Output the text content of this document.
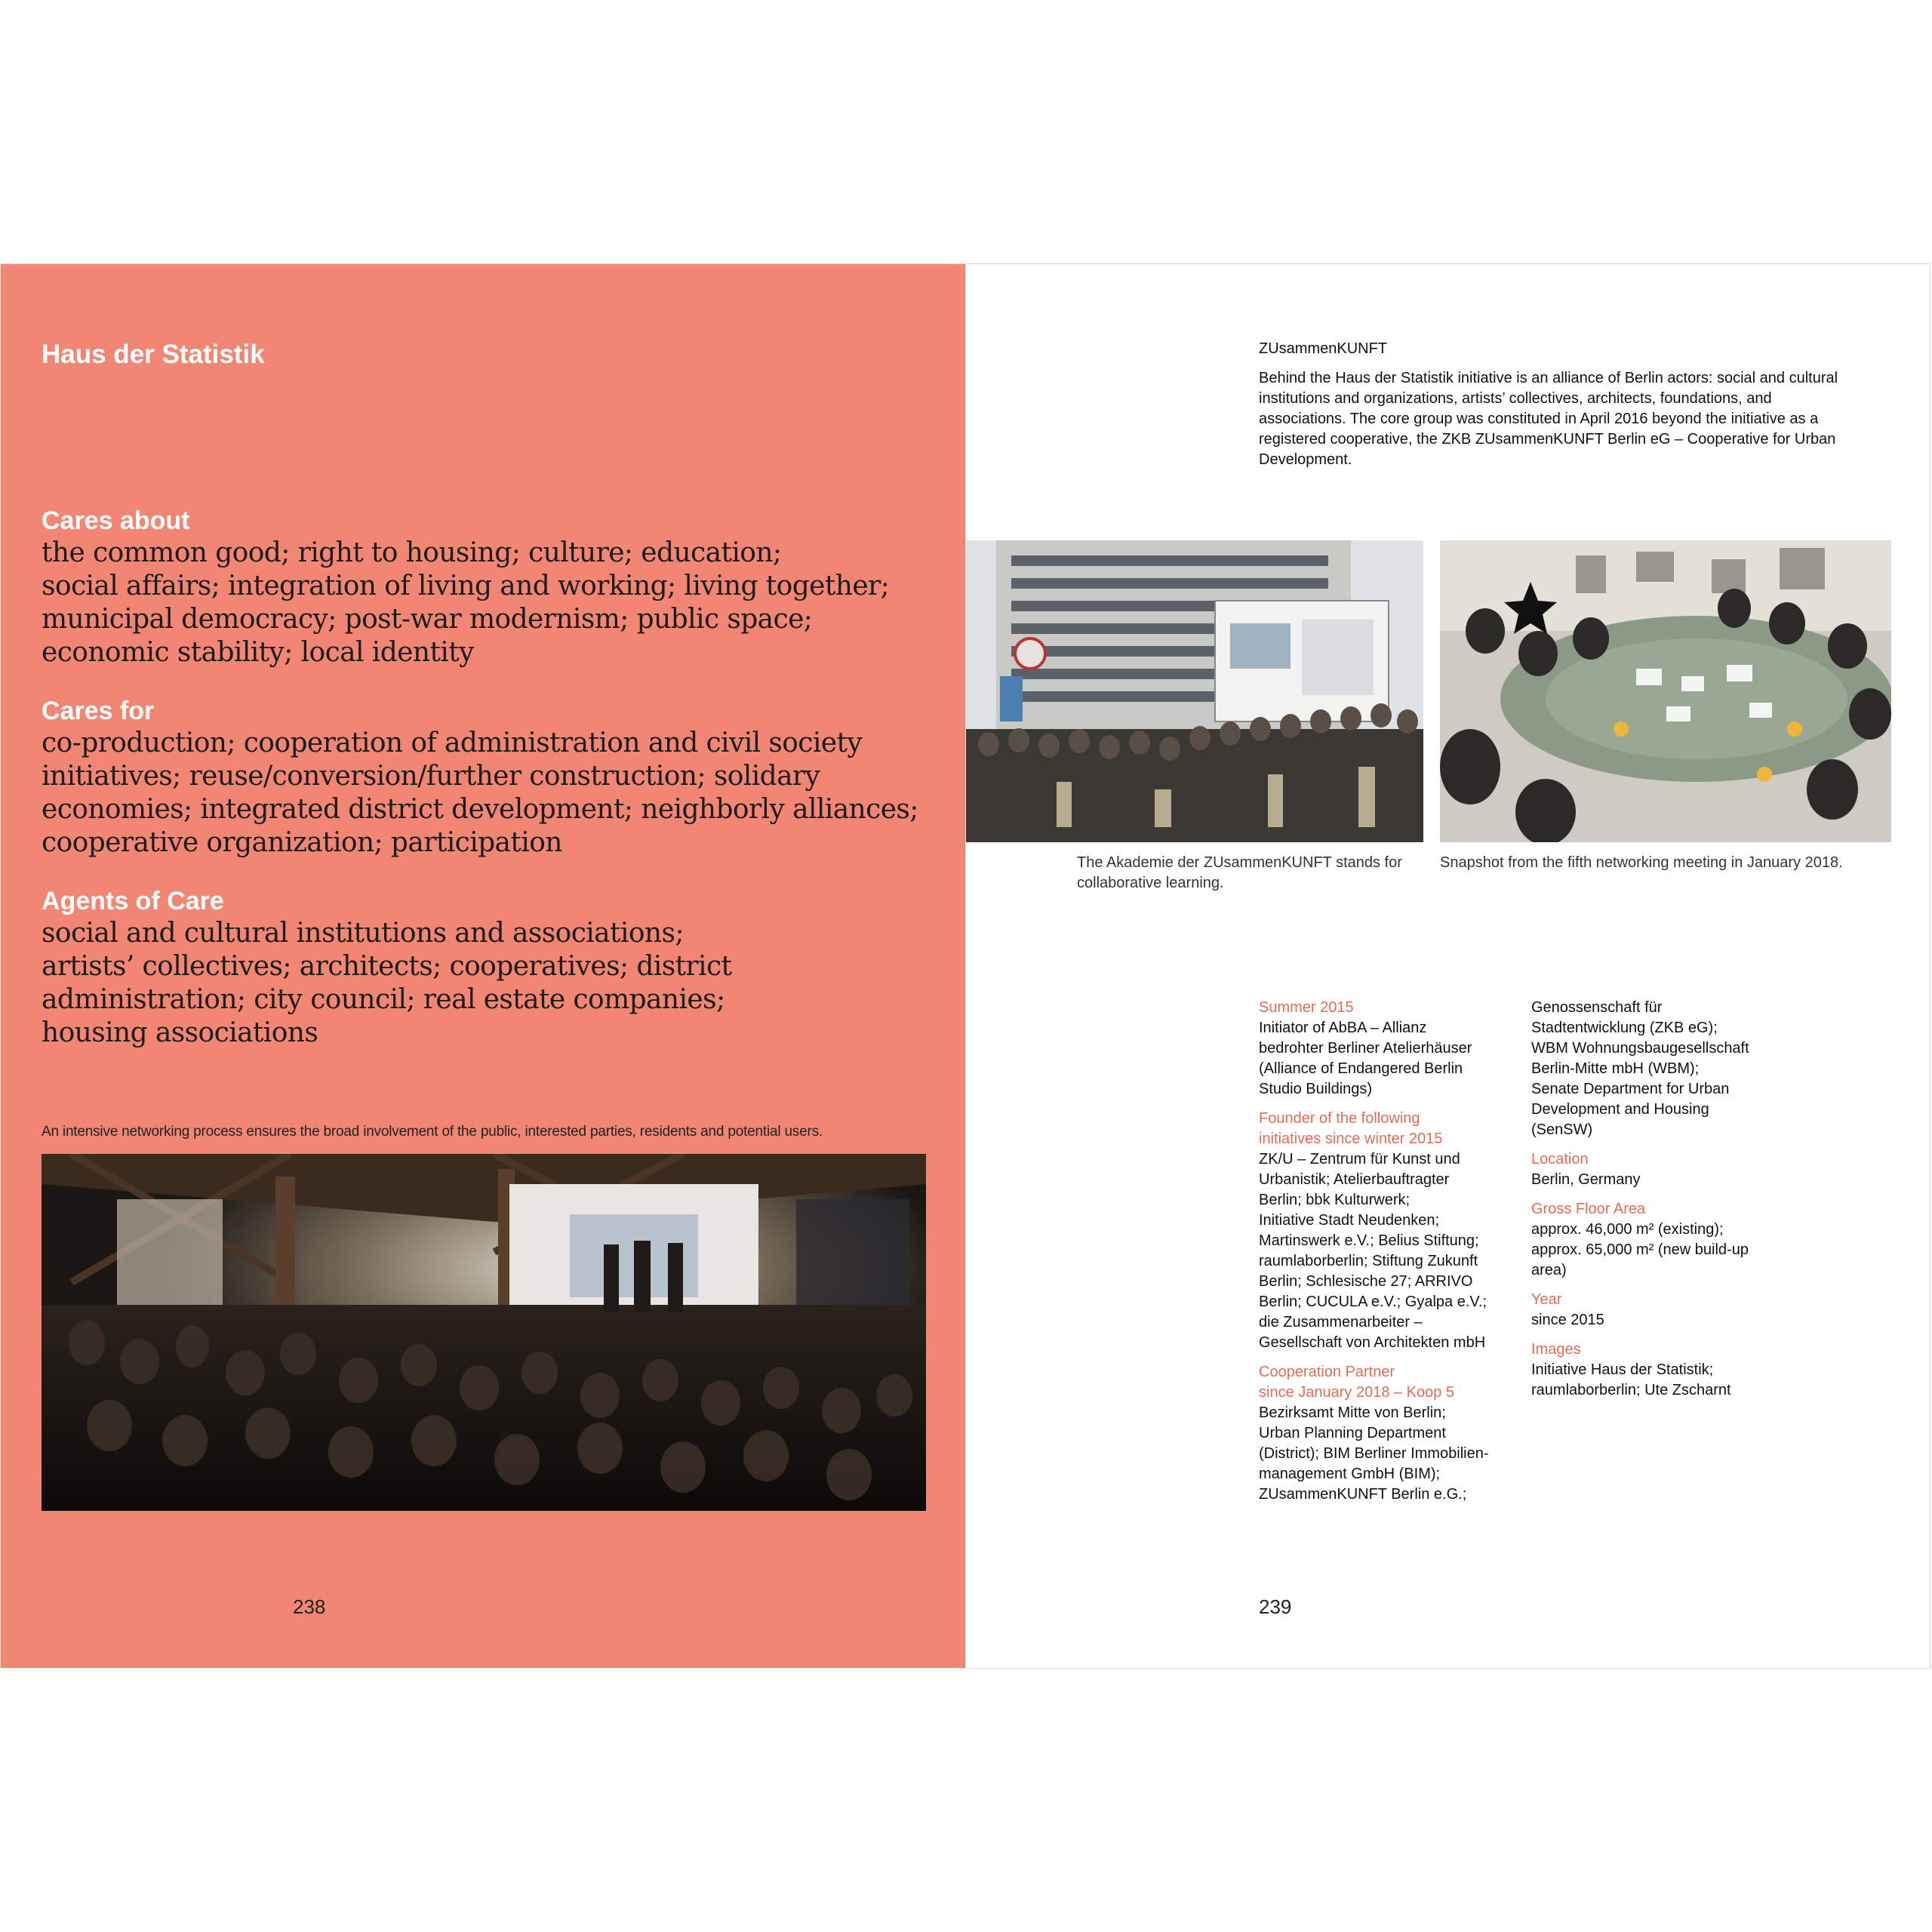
Haus der Statistik

Cares about

the common good; right to housing; culture; education;
social affairs; integration of living and working; living together;
municipal democracy; post-war modernism; public space;
economic stability; local identity

Cares for

co-production; cooperation of administration and civil society
initiatives; reuse/conversion/further construction; solidary
economies; integrated district development; neighborly alliances;
cooperative organization; participation

Agents of Care

social and cultural institutions and associations;
artists’ collectives; architects; cooperatives; district
administration; city council; real estate companies;
housing associations

An intensive networking process ensures the broad involvement of the public, interested parties, residents and potential users.
238
ZUsammenKUNFT

Behind the Haus der Statistik initiative is an alliance of Berlin actors: social and cultural
institutions and organizations, artists’ collectives, architects, foundations, and
associations. The core group was constituted in April 2016 beyond the initiative as a
registered cooperative, the ZKB ZUsammenKUNFT Berlin eG – Cooperative for Urban
Development.

The Akademie der ZUsammenKUNFT stands for
collaborative learning.

Snapshot from the fifth networking meeting in January 2018.

Summer 2015

Initiator of AbBA – Allianz
bedrohter Berliner Atelierhäuser
(Alliance of Endangered Berlin
Studio Buildings)

Founder of the following
initiatives since winter 2015

ZK/U – Zentrum für Kunst und
Urbanistik; Atelierbauftragter
Berlin; bbk Kulturwerk;
Initiative Stadt Neudenken;
Martinswerk e.V.; Belius Stiftung;
raumlaborberlin; Stiftung Zukunft
Berlin; Schlesische 27; ARRIVO
Berlin; CUCULA e.V.; Gyalpa e.V.;
die Zusammenarbeiter –
Gesellschaft von Architekten mbH

Cooperation Partner
since January 2018 – Koop 5

Bezirksamt Mitte von Berlin;
Urban Planning Department
(District); BIM Berliner Immobilien-
management GmbH (BIM);
ZUsammenKUNFT Berlin e.G.;

Genossenschaft für
Stadtentwicklung (ZKB eG);
WBM Wohnungsbaugesellschaft
Berlin-Mitte mbH (WBM);
Senate Department for Urban
Development and Housing
(SenSW)

Location

Berlin, Germany

Gross Floor Area

approx. 46,000 m² (existing);
approx. 65,000 m² (new build-up
area)

Year

since 2015

Images

Initiative Haus der Statistik;
raumlaborberlin; Ute Zscharnt

239
